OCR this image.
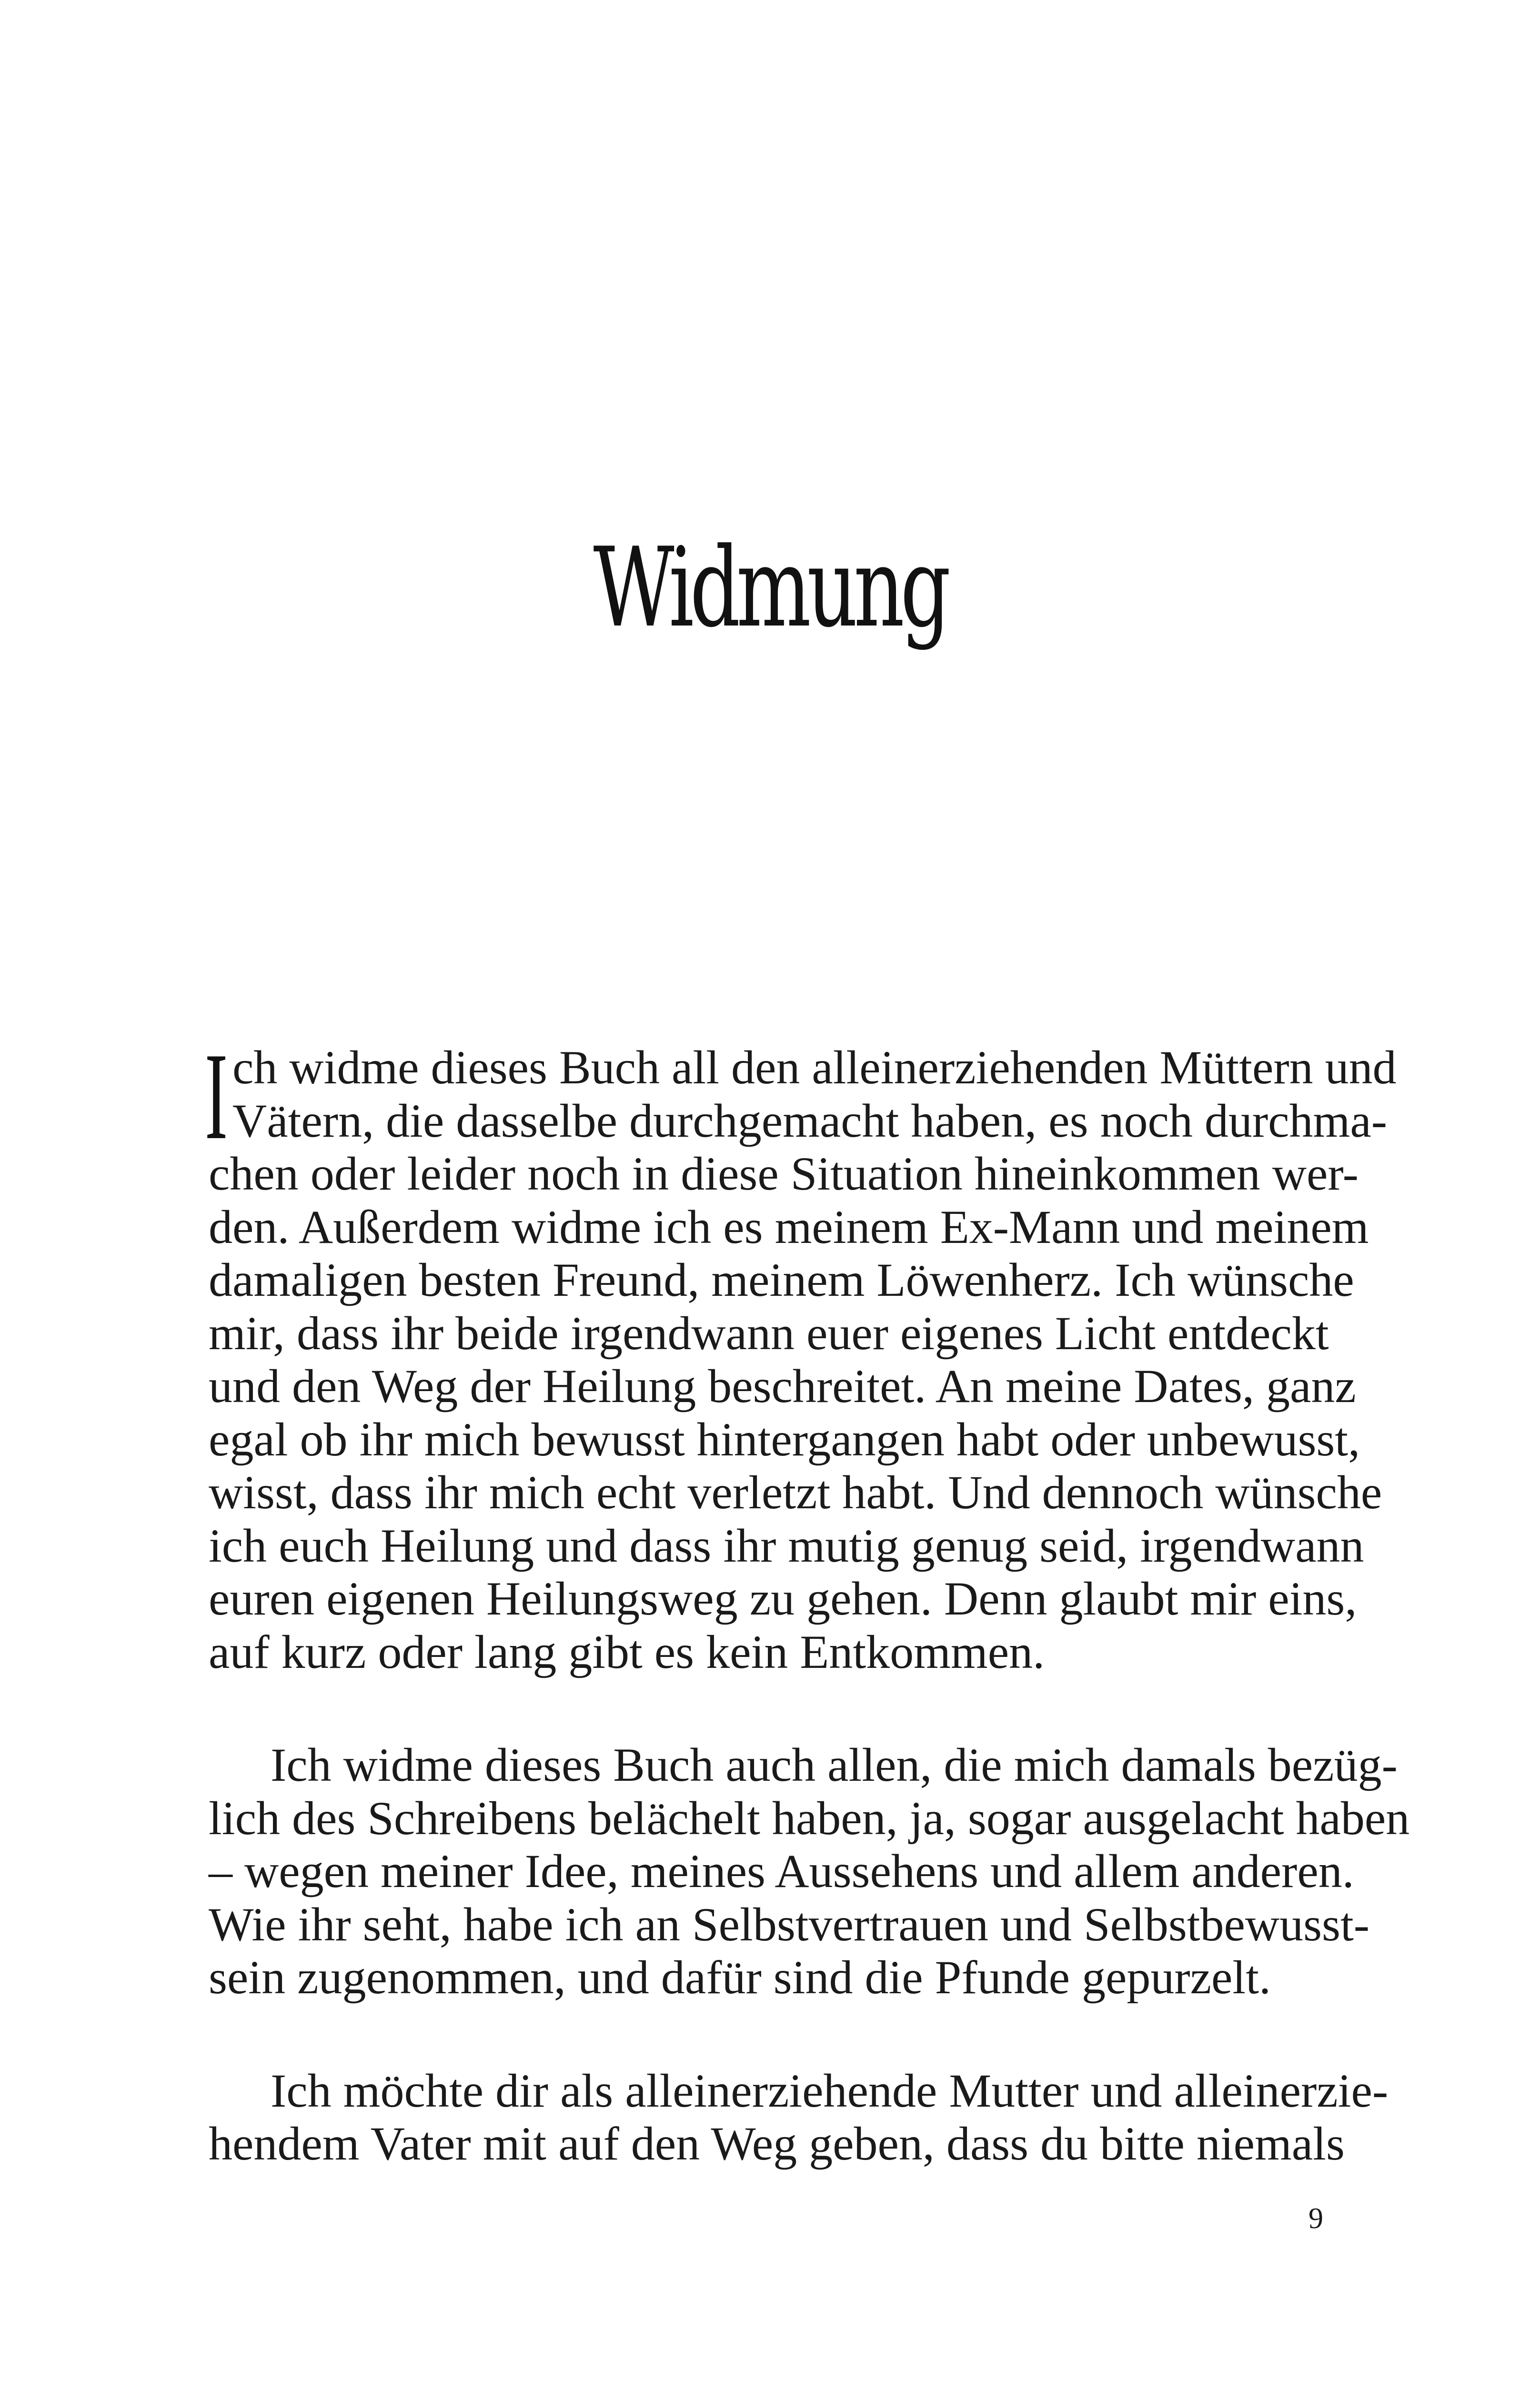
Widmung
I ch widme dieses Buch all den alleinerziehenden Müttern und
Vätern, die dasselbe durchgemacht haben, es noch durchma-
chen oder leider noch in diese Situation hineinkommen wer-
den. Außerdem widme ich es meinem Ex-Mann und meinem
damaligen besten Freund, meinem Löwenherz. Ich wünsche
mir, dass ihr beide irgendwann euer eigenes Licht entdeckt
und den Weg der Heilung beschreitet. An meine Dates, ganz
egal ob ihr mich bewusst hintergangen habt oder unbewusst,
wisst, dass ihr mich echt verletzt habt. Und dennoch wünsche
ich euch Heilung und dass ihr mutig genug seid, irgendwann
euren eigenen Heilungsweg zu gehen. Denn glaubt mir eins,
auf kurz oder lang gibt es kein Entkommen.

Ich widme dieses Buch auch allen, die mich damals bezüg-
lich des Schreibens belächelt haben, ja, sogar ausgelacht haben
– wegen meiner Idee, meines Aussehens und allem anderen.
Wie ihr seht, habe ich an Selbstvertrauen und Selbstbewusst-
sein zugenommen, und dafür sind die Pfunde gepurzelt.

Ich möchte dir als alleinerziehende Mutter und alleinerzie-
hendem Vater mit auf den Weg geben, dass du bitte niemals

9
